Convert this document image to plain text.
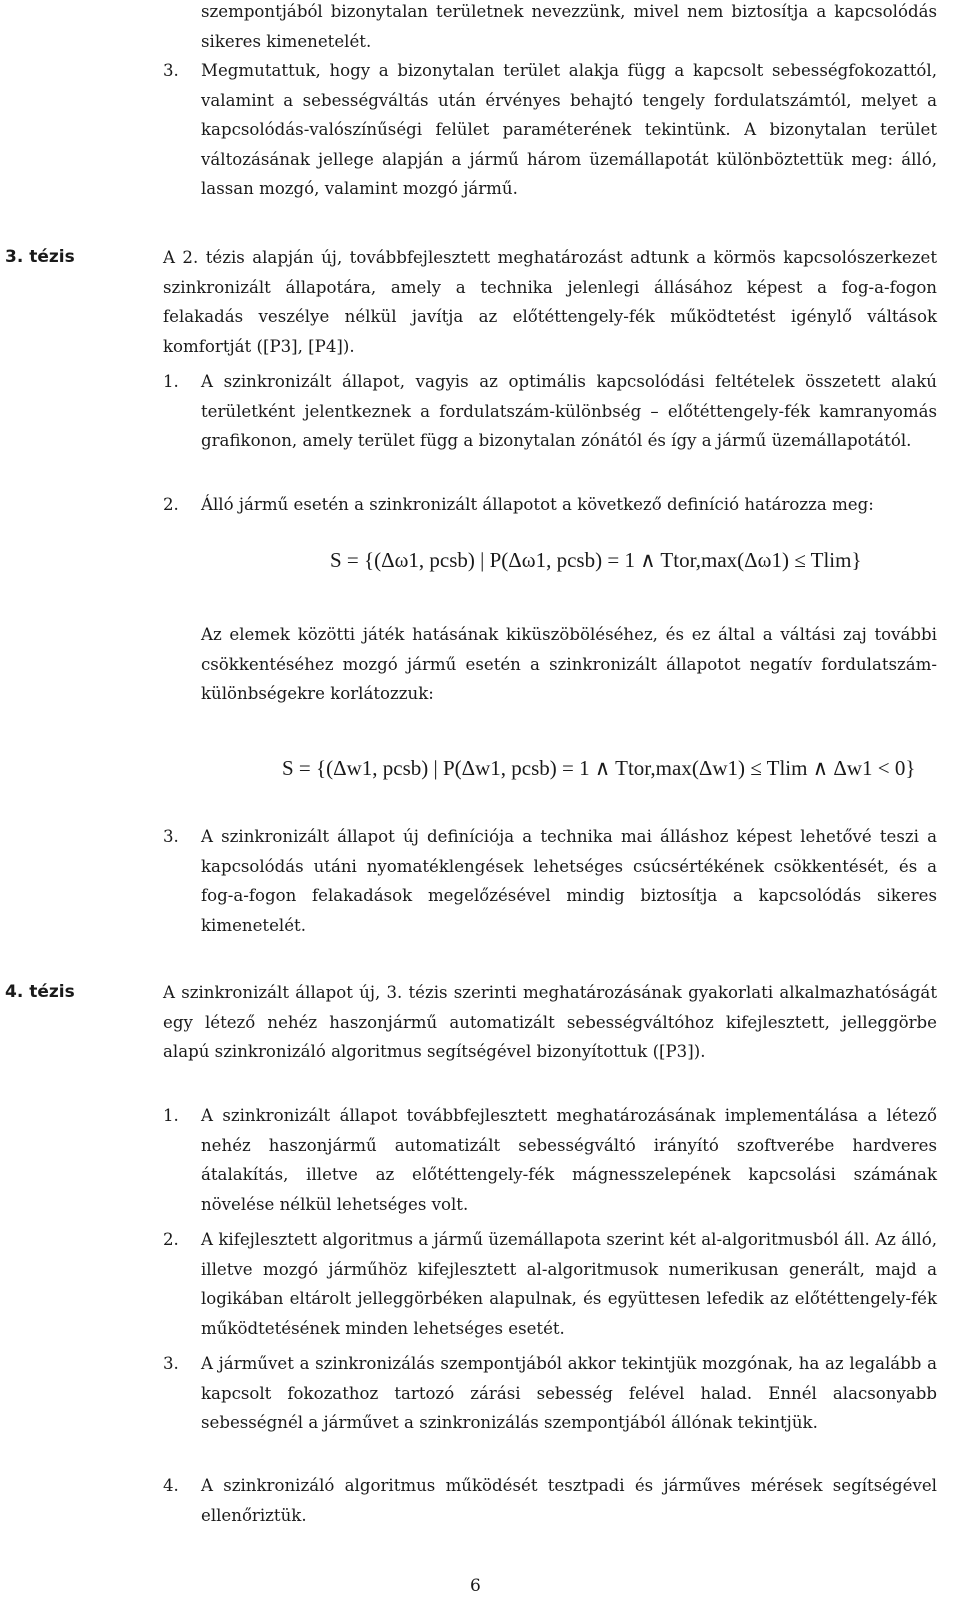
szempontjából bizonytalan területnek nevezzünk, mivel nem biztosítja a kapcsolódás sikeres kimenetelét.

3. Megmutattuk, hogy a bizonytalan terület alakja függ a kapcsolt sebességfokozattól, valamint a sebességváltás után érvényes behajtó tengely fordulatszámtól, melyet a kapcsolódás-valószínűségi felület paraméterének tekintünk. A bizonytalan terület változásának jellege alapján a jármű három üzemállapotát különböztettük meg: álló, lassan mozgó, valamint mozgó jármű.

3. tézis	A 2. tézis alapján új, továbbfejlesztett meghatározást adtunk a körmös kapcsolószerkezet szinkronizált állapotára, amely a technika jelenlegi állásához képest a fog-a-fogon felakadás veszélye nélkül javítja az előtéttengely-fék működtetést igénylő váltások komfortját ([P3], [P4]).

1. A szinkronizált állapot, vagyis az optimális kapcsolódási feltételek összetett alakú területként jelentkeznek a fordulatszám-különbség – előtéttengely-fék kamranyomás grafikonon, amely terület függ a bizonytalan zónától és így a jármű üzemállapotától.

2. Álló jármű esetén a szinkronizált állapotot a következő definíció határozza meg:

S = {(Δω1, pcsb) | P(Δω1, pcsb) = 1 ∧ Ttor,max(Δω1) ≤ Tlim}

Az elemek közötti játék hatásának kiküszöböléséhez, és ez által a váltási zaj további csökkentéséhez mozgó jármű esetén a szinkronizált állapotot negatív fordulatszám-különbségekre korlátozzuk:

S = {(Δw1, pcsb) | P(Δw1, pcsb) = 1 ∧ Ttor,max(Δw1) ≤ Tlim ∧ Δw1 < 0}
3. A szinkronizált állapot új definíciója a technika mai álláshoz képest lehetővé teszi a kapcsolódás utáni nyomatéklengések lehetséges csúcsértékének csökkentését, és a fog-a-fogon felakadások megelőzésével mindig biztosítja a kapcsolódás sikeres kimenetelét.

4. tézis	A szinkronizált állapot új, 3. tézis szerinti meghatározásának gyakorlati alkalmazhatóságát egy létező nehéz haszonjármű automatizált sebességváltóhoz kifejlesztett, jelleggörbe alapú szinkronizáló algoritmus segítségével bizonyítottuk ([P3]).

1. A szinkronizált állapot továbbfejlesztett meghatározásának implementálása a létező nehéz haszonjármű automatizált sebességváltó irányító szoftverébe hardveres átalakítás, illetve az előtéttengely-fék mágnesszelepének kapcsolási számának növelése nélkül lehetséges volt.

2. A kifejlesztett algoritmus a jármű üzemállapota szerint két al-algoritmusból áll. Az álló, illetve mozgó járműhöz kifejlesztett al-algoritmusok numerikusan generált, majd a logikában eltárolt jelleggörbéken alapulnak, és együttesen lefedik az előtéttengely-fék működtetésének minden lehetséges esetét.

3. A járművet a szinkronizálás szempontjából akkor tekintjük mozgónak, ha az legalább a kapcsolt fokozathoz tartozó zárási sebesség felével halad. Ennél alacsonyabb sebességnél a járművet a szinkronizálás szempontjából állónak tekintjük.

4. A szinkronizáló algoritmus működését tesztpadi és járműves mérések segítségével ellenőriztük.

6
